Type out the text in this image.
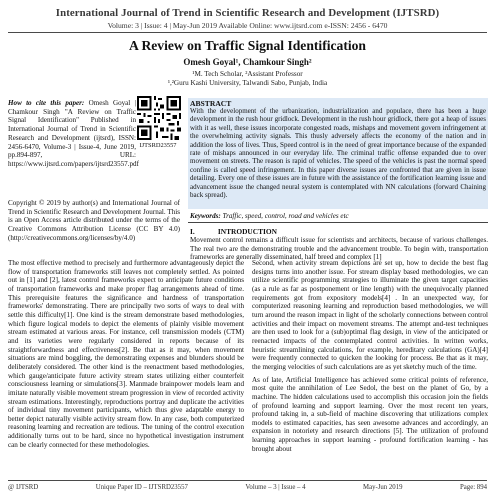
International Journal of Trend in Scientific Research and Development (IJTSRD)
Volume: 3 | Issue: 4 | May-Jun 2019 Available Online: www.ijtsrd.com e-ISSN: 2456 - 6470
A Review on Traffic Signal Identification
Omesh Goyal¹, Chamkour Singh²
¹M. Tech Scholar, ²Assistant Professor
¹,²Guru Kashi University, Talwandi Sabo, Punjab, India
How to cite this paper: Omesh Goyal | Chamkour Singh "A Review on Traffic Signal Identification" Published in International Journal of Trend in Scientific Research and Development (ijtsrd), ISSN: 2456-6470, Volume-3 | Issue-4, June 2019, pp.894-897, URL: https://www.ijtsrd.com/papers/ijtsrd23557.pdf
IJTSRD23557
Copyright © 2019 by author(s) and International Journal of Trend in Scientific Research and Development Journal. This is an Open Access article distributed under the terms of the Creative Commons Attribution License (CC BY 4.0) (http://creativecommons.org/licenses/by/4.0)
ABSTRACT
With the development of the urbanization, industrialization and populace, there has been a huge development in the rush hour gridlock. Development in the rush hour gridlock, there got a heap of issues with it as well, these issues incorporate congested roads, mishaps and movement govern infringement at the overwhelming activity signals. This thusly adversely affects the economy of the nation and in addition the loss of lives. Thus, Speed control is in the need of great importance because of the expanded rate of mishaps announced in our everyday life. The criminal traffic offense expanded due to over movement on streets. The reason is rapid of vehicles. The speed of the vehicles is past the normal speed confine is called speed infringement. In this paper diverse issues are confronted that are given in issue detailing. Every one of these issues are in future with the assistance of the fortification learning issue and advancement issue the changed neural system is contemplated with NN calculations (forward Chaining back spread).
Keywords: Traffic, speed, control, road and vehicles etc
I.	INTRODUCTION
Movement control remains a difficult issue for scientists and architects, because of various challenges. The real two are the demonstrating trouble and the advancement trouble. To begin with, transportation frameworks are generally disseminated, half breed and complex [1]
The most effective method to precisely and furthermore advantageously depict the flow of transportation frameworks still leaves not completely settled. As pointed out in [1] and [2], latest control frameworks expect to anticipate future conditions of transportation frameworks and make proper flag arrangements ahead of time. This prerequisite features the significance and hardness of transportation frameworks' demonstrating. There are principally two sorts of ways to deal with settle this difficulty[1]. One kind is the stream demonstrate based methodologies, which figure logical models to depict the elements of plainly visible movement stream estimated at various areas. For instance, cell transmission models (CTM) and its varieties were regularly considered in reports because of its straightforwardness and effectiveness[2]. Be that as it may, when movement situations are mind boggling, the demonstrating expenses and blunders should be deliberately considered. The other kind is the reenactment based methodologies, which gauge/anticipate future activity stream states utilizing either counterfeit consciousness learning or simulations[3]. Manmade brainpower models learn and imitate naturally visible movement stream progression in view of recorded activity stream estimations. Interestingly, reproductions portray and duplicate the activities of individual tiny movement participants, which thus give adaptable energy to better depict naturally visible activity stream flow. In any case, both computerized reasoning learning and recreation are tedious. The tuning of the control execution additionally turns out to be hard, since no hypothetical investigation instrument can be clearly connected for these methodologies.

Second, when activity stream depictions are set up, how to decide the best flag designs turns into another issue. For stream display based methodologies, we can utilize scientific programming strategies to illuminate the given target capacities (as a rule as far as postponement or line length) with the unequivocally planned requirements got from expository models[4] . In an unexpected way, for computerized reasoning learning and reproduction based methodologies, we will turn around the reason impact in light of the scholarly connections between control activities and their impact on movement streams. The attempt and-test techniques are then used to look for a (sub)optimal flag design, in view of the anticipated or reenacted impacts of the contemplated control activities. In written works, heuristic streamlining calculations, for example, hereditary calculations (GA)[4] were frequently connected to quicken the looking for process. Be that as it may, the merging velocities of such calculations are as yet sketchy much of the time.

As of late, Artificial Intelligence has achieved some critical points of reference, most quite the annihilation of Lee Sedol, the best on the planet of Go, by a machine. The hidden calculations used to accomplish this occasion join the fields of profound learning and support learning. Over the most recent ten years, profound taking in, a sub-field of machine discovering that utilizations complex models to estimated capacities, has seen awesome advances and accordingly, an expansion in notoriety and research directions [5]. The utilization of profound learning approaches in support learning - profound fortification learning - has brought about

@ IJTSRD	Unique Paper ID – IJTSRD23557	Volume – 3 | Issue – 4	May-Jun 2019	Page: 894
